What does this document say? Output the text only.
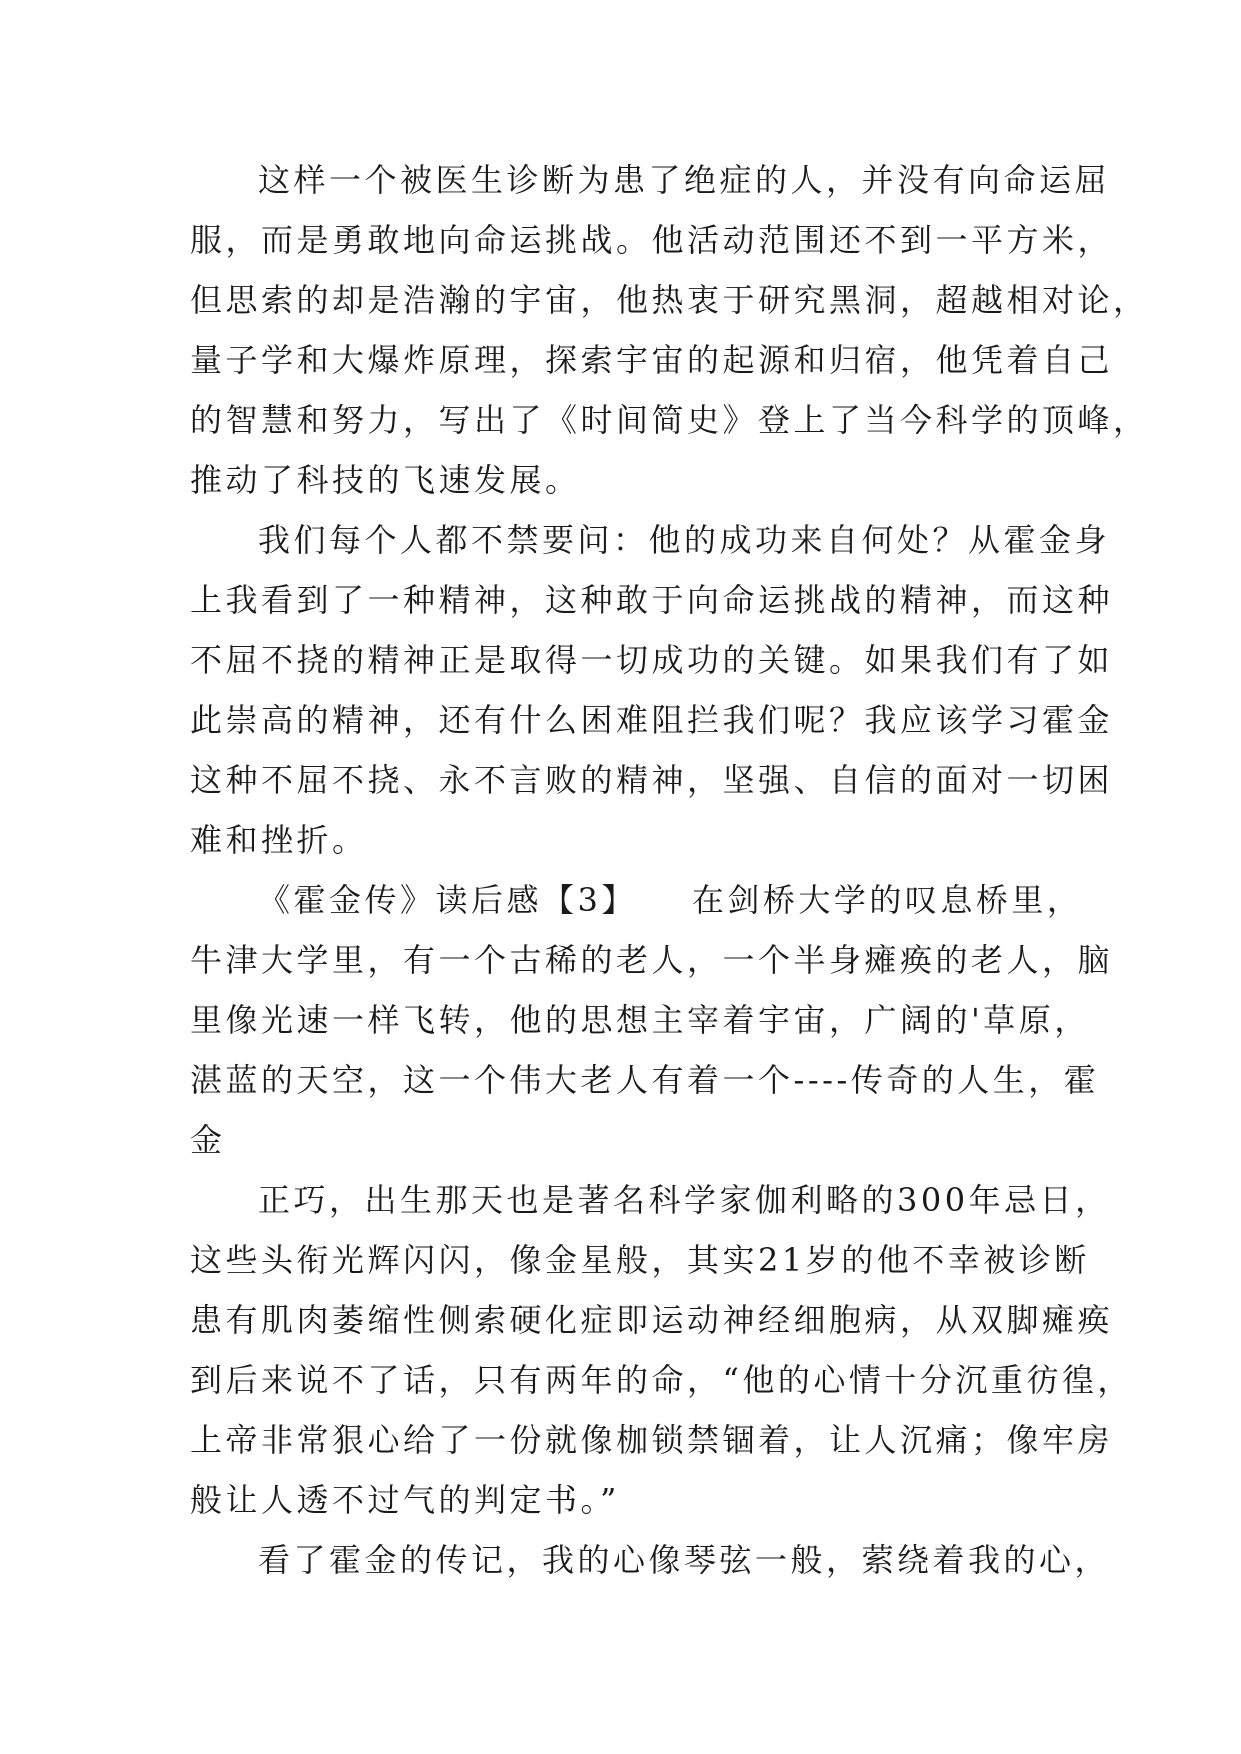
这样一个被医生诊断为患了绝症的人，并没有向命运屈
服，而是勇敢地向命运挑战。他活动范围还不到一平方米，
但思索的却是浩瀚的宇宙，他热衷于研究黑洞，超越相对论，
量子学和大爆炸原理，探索宇宙的起源和归宿，他凭着自己
的智慧和努力，写出了《时间简史》登上了当今科学的顶峰，
推动了科技的飞速发展。
我们每个人都不禁要问：他的成功来自何处？从霍金身
上我看到了一种精神，这种敢于向命运挑战的精神，而这种
不屈不挠的精神正是取得一切成功的关键。如果我们有了如
此崇高的精神，还有什么困难阻拦我们呢？我应该学习霍金
这种不屈不挠、永不言败的精神，坚强、自信的面对一切困
难和挫折。
《霍金传》读后感【3】　　在剑桥大学的叹息桥里，
牛津大学里，有一个古稀的老人，一个半身瘫痪的老人，脑
里像光速一样飞转，他的思想主宰着宇宙，广阔的'草原，
湛蓝的天空，这一个伟大老人有着一个----传奇的人生，霍
金
正巧，出生那天也是著名科学家伽利略的300年忌日，
这些头衔光辉闪闪，像金星般，其实21岁的他不幸被诊断
患有肌肉萎缩性侧索硬化症即运动神经细胞病，从双脚瘫痪
到后来说不了话，只有两年的命，“他的心情十分沉重彷徨，
上帝非常狠心给了一份就像枷锁禁锢着，让人沉痛；像牢房
般让人透不过气的判定书。”
看了霍金的传记，我的心像琴弦一般，萦绕着我的心，
